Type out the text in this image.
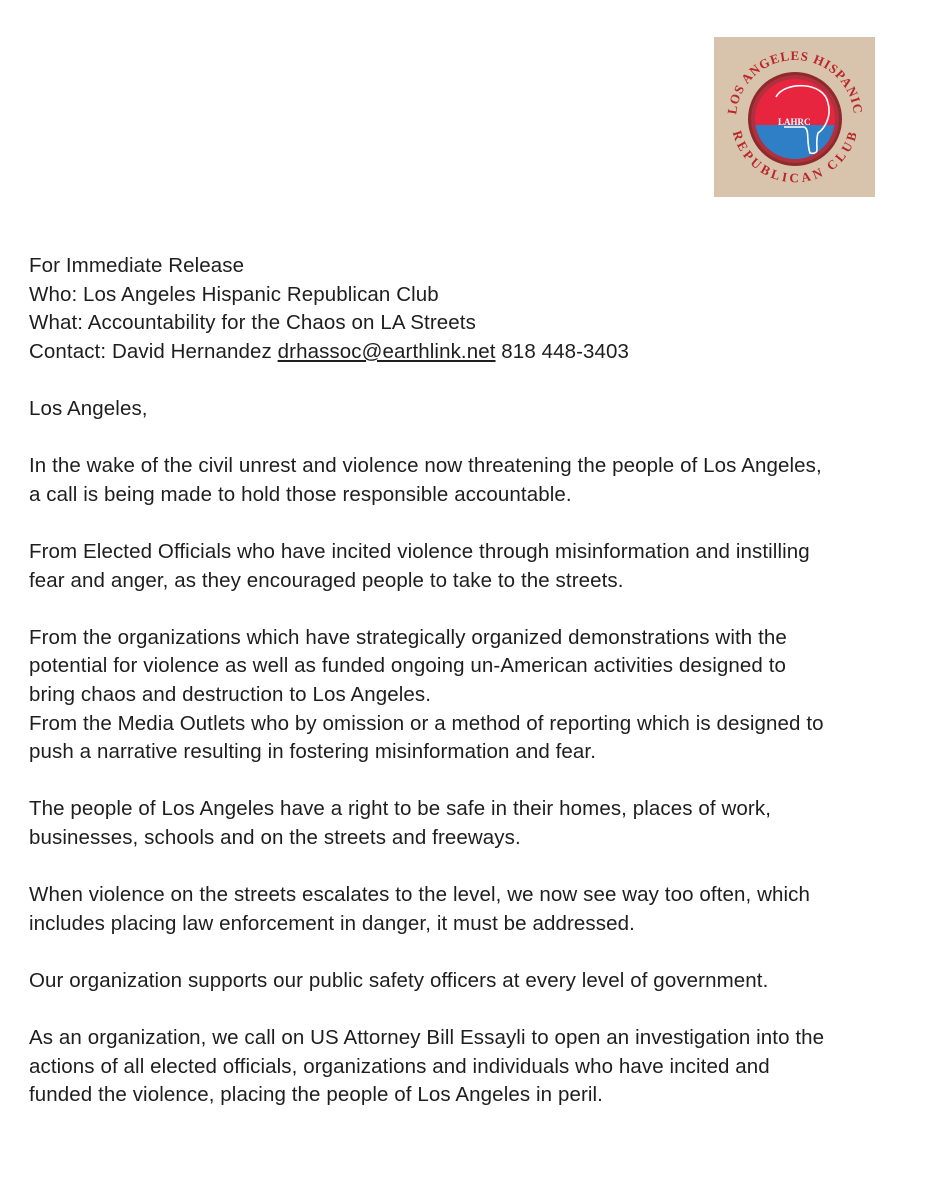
LAHRC
LOS ANGELES HISPANIC
REPUBLICAN CLUB
For Immediate Release
Who: Los Angeles Hispanic Republican Club
What: Accountability for the Chaos on LA Streets
Contact: David Hernandez drhassoc@earthlink.net 818 448-3403
Los Angeles,
In the wake of the civil unrest and violence now threatening the people of Los Angeles,
a call is being made to hold those responsible accountable.
From Elected Officials who have incited violence through misinformation and instilling
fear and anger, as they encouraged people to take to the streets.
From the organizations which have strategically organized demonstrations with the
potential for violence as well as funded ongoing un-American activities designed to
bring chaos and destruction to Los Angeles.
From the Media Outlets who by omission or a method of reporting which is designed to
push a narrative resulting in fostering misinformation and fear.
The people of Los Angeles have a right to be safe in their homes, places of work,
businesses, schools and on the streets and freeways.
When violence on the streets escalates to the level, we now see way too often, which
includes placing law enforcement in danger, it must be addressed.
Our organization supports our public safety officers at every level of government.
As an organization, we call on US Attorney Bill Essayli to open an investigation into the
actions of all elected officials, organizations and individuals who have incited and
funded the violence, placing the people of Los Angeles in peril.
